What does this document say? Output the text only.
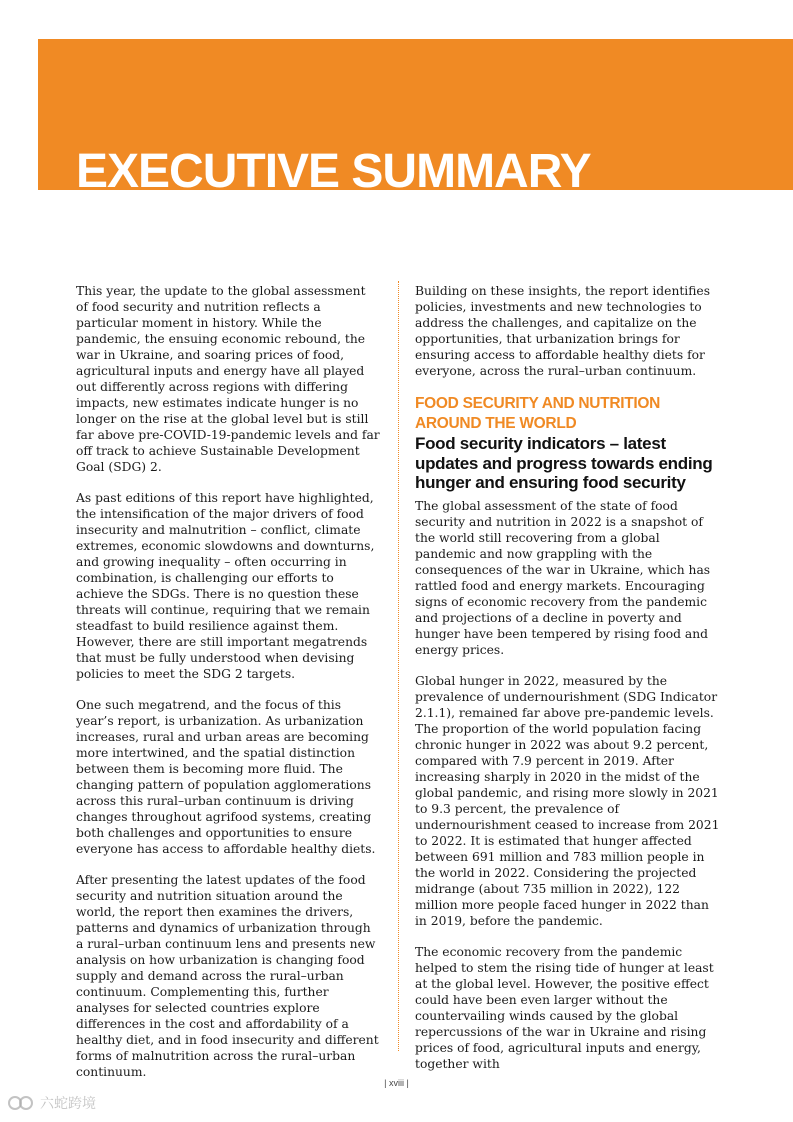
EXECUTIVE SUMMARY

This year, the update to the global assessment of food security and nutrition reflects a particular moment in history. While the pandemic, the ensuing economic rebound, the war in Ukraine, and soaring prices of food, agricultural inputs and energy have all played out differently across regions with differing impacts, new estimates indicate hunger is no longer on the rise at the global level but is still far above pre-COVID-19-pandemic levels and far off track to achieve Sustainable Development Goal (SDG) 2.

As past editions of this report have highlighted, the intensification of the major drivers of food insecurity and malnutrition – conflict, climate extremes, economic slowdowns and downturns, and growing inequality – often occurring in combination, is challenging our efforts to achieve the SDGs. There is no question these threats will continue, requiring that we remain steadfast to build resilience against them. However, there are still important megatrends that must be fully understood when devising policies to meet the SDG 2 targets.

One such megatrend, and the focus of this year’s report, is urbanization. As urbanization increases, rural and urban areas are becoming more intertwined, and the spatial distinction between them is becoming more fluid. The changing pattern of population agglomerations across this rural–urban continuum is driving changes throughout agrifood systems, creating both challenges and opportunities to ensure everyone has access to affordable healthy diets.

After presenting the latest updates of the food security and nutrition situation around the world, the report then examines the drivers, patterns and dynamics of urbanization through a rural–urban continuum lens and presents new analysis on how urbanization is changing food supply and demand across the rural–urban continuum. Complementing this, further analyses for selected countries explore differences in the cost and affordability of a healthy diet, and in food insecurity and different forms of malnutrition across the rural–urban continuum.

Building on these insights, the report identifies policies, investments and new technologies to address the challenges, and capitalize on the opportunities, that urbanization brings for ensuring access to affordable healthy diets for everyone, across the rural–urban continuum.

FOOD SECURITY AND NUTRITION AROUND THE WORLD
Food security indicators – latest updates and progress towards ending hunger and ensuring food security

The global assessment of the state of food security and nutrition in 2022 is a snapshot of the world still recovering from a global pandemic and now grappling with the consequences of the war in Ukraine, which has rattled food and energy markets. Encouraging signs of economic recovery from the pandemic and projections of a decline in poverty and hunger have been tempered by rising food and energy prices.

Global hunger in 2022, measured by the prevalence of undernourishment (SDG Indicator 2.1.1), remained far above pre-pandemic levels. The proportion of the world population facing chronic hunger in 2022 was about 9.2 percent, compared with 7.9 percent in 2019. After increasing sharply in 2020 in the midst of the global pandemic, and rising more slowly in 2021 to 9.3 percent, the prevalence of undernourishment ceased to increase from 2021 to 2022. It is estimated that hunger affected between 691 million and 783 million people in the world in 2022. Considering the projected midrange (about 735 million in 2022), 122 million more people faced hunger in 2022 than in 2019, before the pandemic.

The economic recovery from the pandemic helped to stem the rising tide of hunger at least at the global level. However, the positive effect could have been even larger without the countervailing winds caused by the global repercussions of the war in Ukraine and rising prices of food, agricultural inputs and energy, together with

| xviii |
六蛇跨境
